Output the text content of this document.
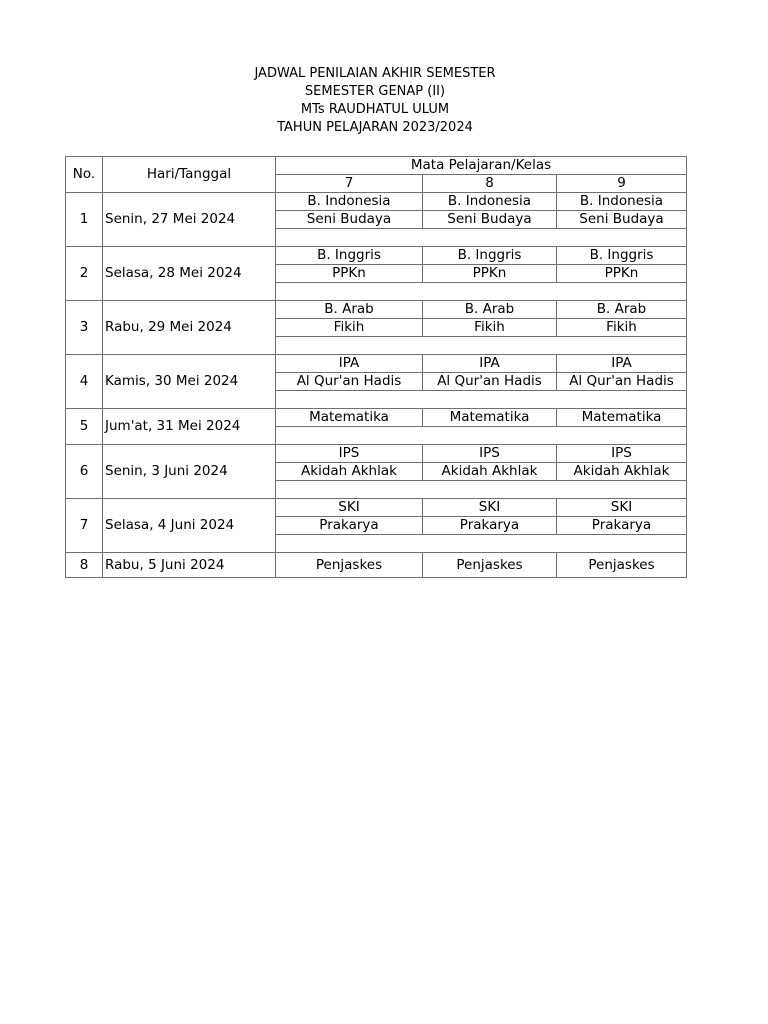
JADWAL PENILAIAN AKHIR SEMESTER
SEMESTER GENAP (II)
MTs RAUDHATUL ULUM
TAHUN PELAJARAN 2023/2024
No.	Hari/Tanggal	Mata Pelajaran/Kelas		
		7	8	9
1	Senin, 27 Mei 2024	B. Indonesia	B. Indonesia	B. Indonesia
		Seni Budaya	Seni Budaya	Seni Budaya

2	Selasa, 28 Mei 2024	B. Inggris	B. Inggris	B. Inggris
		PPKn	PPKn	PPKn

3	Rabu, 29 Mei 2024	B. Arab	B. Arab	B. Arab
		Fikih	Fikih	Fikih

4	Kamis, 30 Mei 2024	IPA	IPA	IPA
		Al Qur'an Hadis	Al Qur'an Hadis	Al Qur'an Hadis

5	Jum'at, 31 Mei 2024	Matematika	Matematika	Matematika

6	Senin, 3 Juni 2024	IPS	IPS	IPS
		Akidah Akhlak	Akidah Akhlak	Akidah Akhlak

7	Selasa, 4 Juni 2024	SKI	SKI	SKI
		Prakarya	Prakarya	Prakarya

8	Rabu, 5 Juni 2024	Penjaskes	Penjaskes	Penjaskes
